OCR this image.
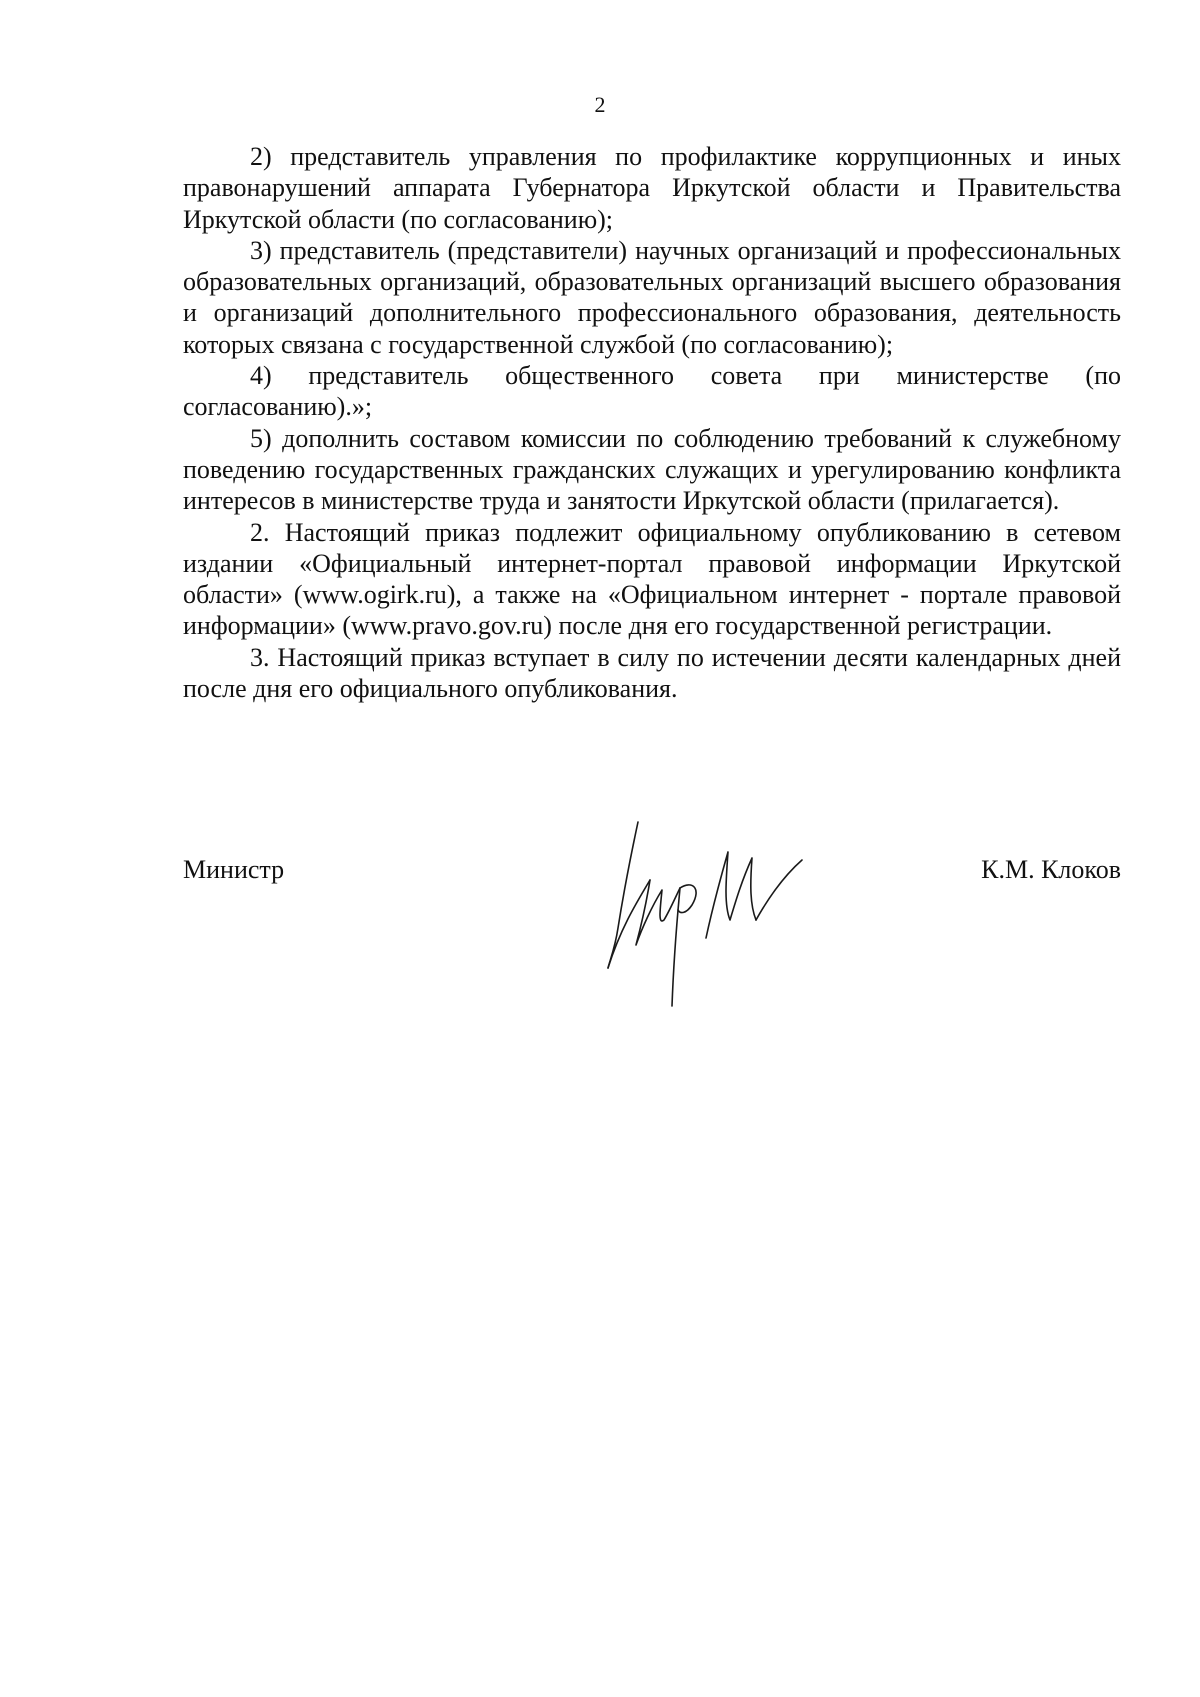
2

2) представитель управления по профилактике коррупционных и иных правонарушений аппарата Губернатора Иркутской области и Правительства Иркутской области (по согласованию);

3) представитель (представители) научных организаций и профессиональных образовательных организаций, образовательных организаций высшего образования и организаций дополнительного профессионального образования, деятельность которых связана с государственной службой (по согласованию);

4) представитель общественного совета при министерстве (по согласованию).»;

5) дополнить составом комиссии по соблюдению требований к служебному поведению государственных гражданских служащих и урегулированию конфликта интересов в министерстве труда и занятости Иркутской области (прилагается).

2. Настоящий приказ подлежит официальному опубликованию в сетевом издании «Официальный интернет-портал правовой информации Иркутской области» (www.ogirk.ru), а также на «Официальном интернет - портале правовой информации» (www.pravo.gov.ru) после дня его государственной регистрации.

3. Настоящий приказ вступает в силу по истечении десяти календарных дней после дня его официального опубликования.

Министр	К.М. Клоков
